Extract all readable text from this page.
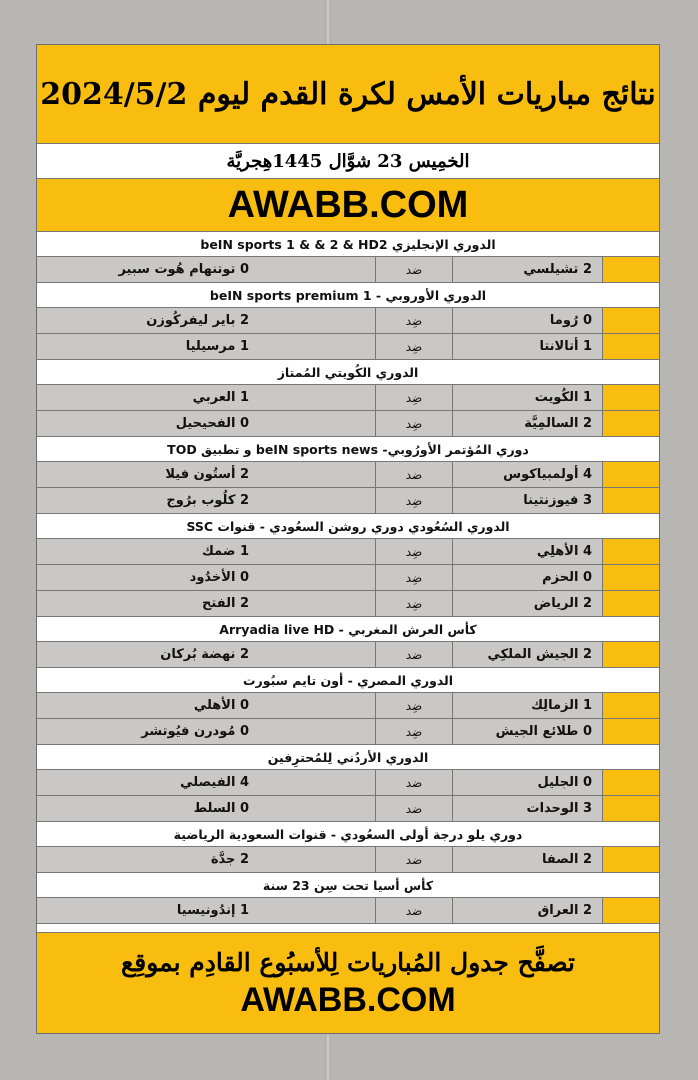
نتائج مباريات الأمس لكرة القدم ليوم 2024/5/2
الخمِيس 23 شوَّال 1445هِجريَّة
AWABB.COM
الدوري الإنجليزي beIN sports 1 & & 2 & HD2
2 تشيلسي
ضد
0 توتنهام هُوت سبير
الدوري الأوروبي - beIN sports premium 1
0 رُوما
ضِد
2 باير ليفركُوزن
1 أتالانتا
ضِد
1 مرسيليا
الدوري الكُويتي المُمتاز
1 الكُويت
ضِد
1 العربي
2 السالمِيَّة
ضِد
0 الفحيحيل
دوري المُؤتمر الأورُوبي- beIN sports news و تطبيق TOD
4 أولمبياكوس
ضد
2 أستُون فيلا
3 فيوزنتينا
ضِد
2 كلُوب برُوج
الدوري السُعُودي دوري روشن السعُودي - قنوات SSC
4 الأهلِي
ضِد
1 ضمك
0 الحزم
ضِد
0 الأخدُود
2 الرياض
ضِد
2 الفتح
كأس العرش المغربي - Arryadia live HD
2 الجيش الملكِي
ضد
2 نهضة بُركان
الدوري المصري - أون تايم سبُورت
1 الزمالِك
ضِد
0 الأهلي
0 طلائع الجيش
ضِد
0 مُودرن فيُوتشر
الدوري الأردُني لِلمُحترِفين
0 الجليل
ضد
4 الفيصلي
3 الوحدات
ضد
0 السلط
دوري يلو درجة أولى السعُودي - قنوات السعودية الرياضية
2 الصفا
ضد
2 جدَّة
كأس أسيا تحت سِن 23 سنة
2 العراق
ضد
1 إندُونيسيا
تصفَّح جدول المُباريات لِلأسبُوع القادِم بموقِع
AWABB.COM
